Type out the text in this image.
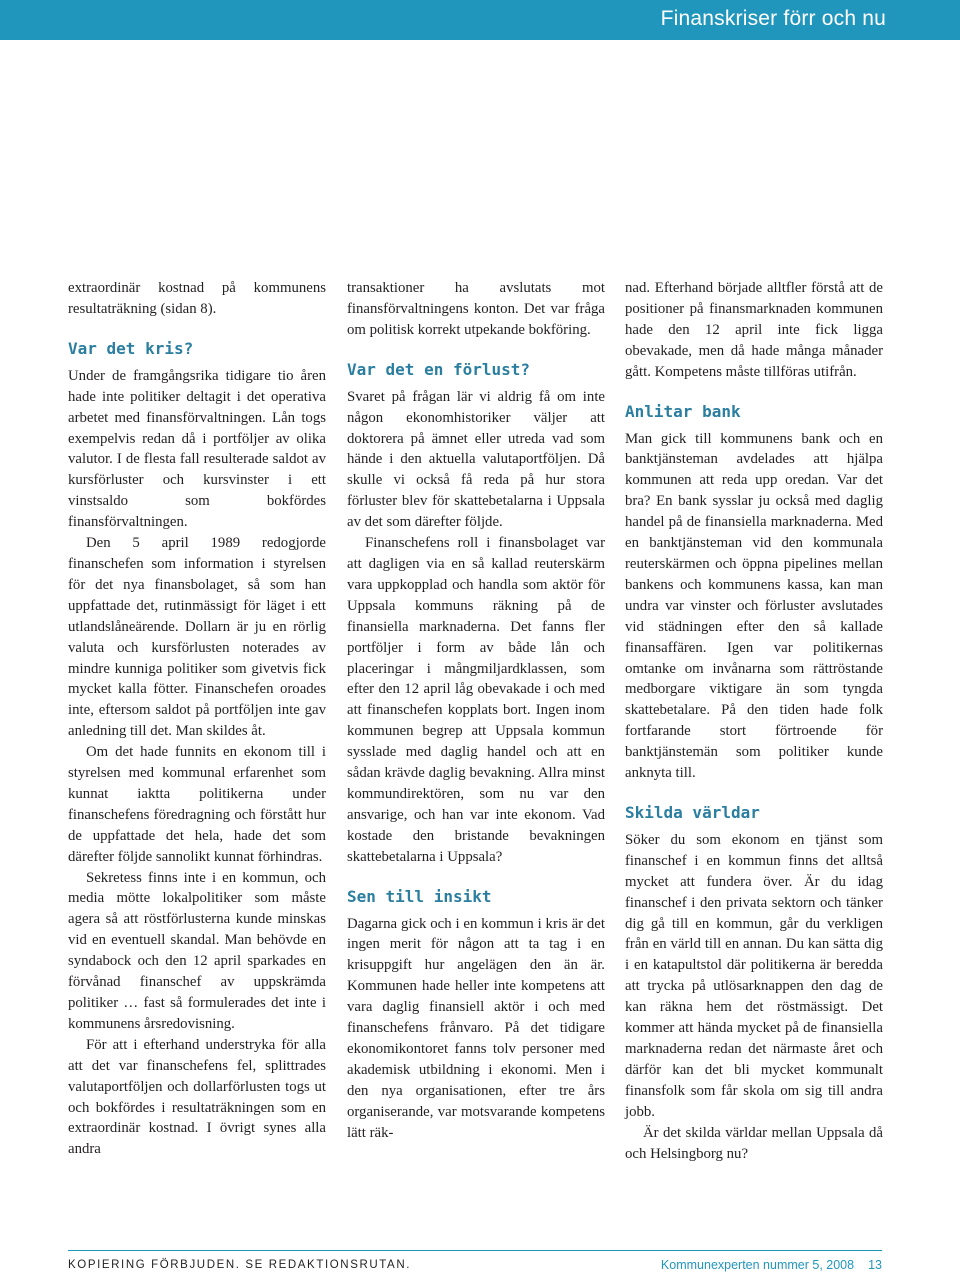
Finanskriser förr och nu

extraordinär kostnad på kommunens resultaträkning (sidan 8).

Var det kris?

Under de framgångsrika tidigare tio åren hade inte politiker deltagit i det operativa arbetet med finansförvaltningen. Lån togs exempelvis redan då i portföljer av olika valutor. I de flesta fall resulterade saldot av kursförluster och kursvinster i ett vinstsaldo som bokfördes finansförvaltningen.

Den 5 april 1989 redogjorde finanschefen som information i styrelsen för det nya finansbolaget, så som han uppfattade det, rutinmässigt för läget i ett utlandslåneärende. Dollarn är ju en rörlig valuta och kursförlusten noterades av mindre kunniga politiker som givetvis fick mycket kalla fötter. Finanschefen oroades inte, eftersom saldot på portföljen inte gav anledning till det. Man skildes åt.

Om det hade funnits en ekonom till i styrelsen med kommunal erfarenhet som kunnat iaktta politikerna under finanschefens föredragning och förstått hur de uppfattade det hela, hade det som därefter följde sannolikt kunnat förhindras.

Sekretess finns inte i en kommun, och media mötte lokalpolitiker som måste agera så att röstförlusterna kunde minskas vid en eventuell skandal. Man behövde en syndabock och den 12 april sparkades en förvånad finanschef av uppskrämda politiker … fast så formulerades det inte i kommunens årsredovisning.

För att i efterhand understryka för alla att det var finanschefens fel, splittrades valutaportföljen och dollarförlusten togs ut och bokfördes i resultaträkningen som en extraordinär kostnad. I övrigt synes alla andra

transaktioner ha avslutats mot finansförvaltningens konton. Det var fråga om politisk korrekt utpekande bokföring.

Var det en förlust?

Svaret på frågan lär vi aldrig få om inte någon ekonomhistoriker väljer att doktorera på ämnet eller utreda vad som hände i den aktuella valutaportföljen. Då skulle vi också få reda på hur stora förluster blev för skattebetalarna i Uppsala av det som därefter följde.

Finanschefens roll i finansbolaget var att dagligen via en så kallad reuterskärm vara uppkopplad och handla som aktör för Uppsala kommuns räkning på de finansiella marknaderna. Det fanns fler portföljer i form av både lån och placeringar i mångmiljardklassen, som efter den 12 april låg obevakade i och med att finanschefen kopplats bort. Ingen inom kommunen begrep att Uppsala kommun sysslade med daglig handel och att en sådan krävde daglig bevakning. Allra minst kommundirektören, som nu var den ansvarige, och han var inte ekonom. Vad kostade den bristande bevakningen skattebetalarna i Uppsala?

Sen till insikt

Dagarna gick och i en kommun i kris är det ingen merit för någon att ta tag i en krisuppgift hur angelägen den än är. Kommunen hade heller inte kompetens att vara daglig finansiell aktör i och med finanschefens frånvaro. På det tidigare ekonomikontoret fanns tolv personer med akademisk utbildning i ekonomi. Men i den nya organisationen, efter tre års organiserande, var motsvarande kompetens lätt räk-

nad. Efterhand började alltfler förstå att de positioner på finansmarknaden kommunen hade den 12 april inte fick ligga obevakade, men då hade många månader gått. Kompetens måste tillföras utifrån.

Anlitar bank

Man gick till kommunens bank och en banktjänsteman avdelades att hjälpa kommunen att reda upp oredan. Var det bra? En bank sysslar ju också med daglig handel på de finansiella marknaderna. Med en banktjänsteman vid den kommunala reuterskärmen och öppna pipelines mellan bankens och kommunens kassa, kan man undra var vinster och förluster avslutades vid städningen efter den så kallade finansaffären. Igen var politikernas omtanke om invånarna som rättröstande medborgare viktigare än som tyngda skattebetalare. På den tiden hade folk fortfarande stort förtroende för banktjänstemän som politiker kunde anknyta till.

Skilda världar

Söker du som ekonom en tjänst som finanschef i en kommun finns det alltså mycket att fundera över. Är du idag finanschef i den privata sektorn och tänker dig gå till en kommun, går du verkligen från en värld till en annan. Du kan sätta dig i en katapultstol där politikerna är beredda att trycka på utlösarknappen den dag de kan räkna hem det röstmässigt. Det kommer att hända mycket på de finansiella marknaderna redan det närmaste året och därför kan det bli mycket kommunalt finansfolk som får skola om sig till andra jobb.

Är det skilda världar mellan Uppsala då och Helsingborg nu?

KOPIERING FÖRBJUDEN. SE REDAKTIONSRUTAN.	Kommunexperten nummer 5, 2008 13
